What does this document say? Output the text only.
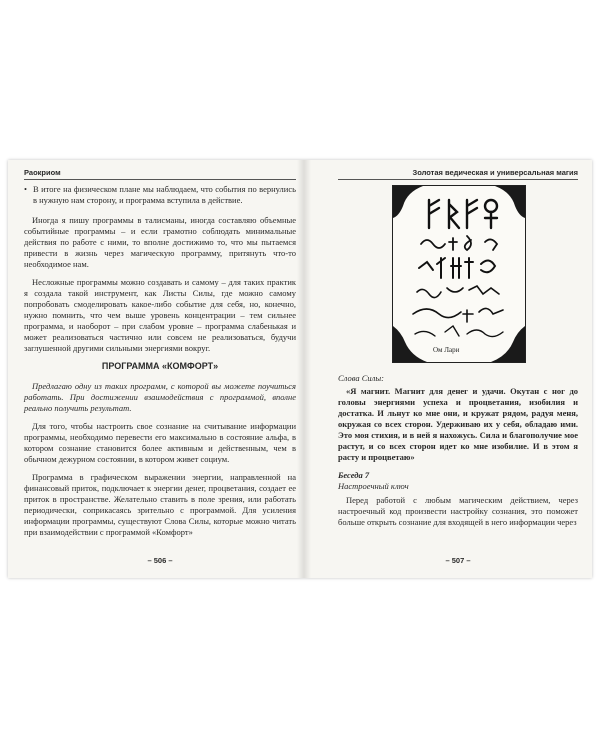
Раокриом
• В итоге на физическом плане мы наблюдаем, что события по вернулись в нужную нам сторону, и программа вступила в действие.

Иногда я пишу программы в талисманы, иногда составляю объемные событийные программы – и если грамотно соблюдать минимальные действия по работе с ними, то вполне достижимо то, что мы пытаемся привести в жизнь через магическую программу, притянуть что-то необходимое нам.

Несложные программы можно создавать и самому – для таких практик я создала такой инструмент, как Листы Силы, где можно самому попробовать смоделировать какое-либо событие для себя, но, конечно, нужно помнить, что чем выше уровень концентрации – тем сильнее программа, и наоборот – при слабом уровне – программа слабенькая и может реализоваться частично или совсем не реализоваться, будучи заглушенной другими сильными энергиями вокруг.

ПРОГРАММА «КОМФОРТ»

Предлагаю одну из таких программ, с которой вы можете поучиться работать. При достижении взаимодействия с программой, вполне реально получить результат.

Для того, чтобы настроить свое сознание на считывание информации программы, необходимо перевести его максимально в состояние альфа, в котором сознание становится более активным и действенным, чем в обычном дежурном состоянии, в котором живет социум.

Программа в графическом выражении энергии, направленной на финансовый приток, подключает к энергии денег, процветания, создает ее приток в пространстве. Желательно ставить в поле зрения, или работать периодически, соприкасаясь зрительно с программой. Для усиления информации программы, существуют Слова Силы, которые можно читать при взаимодействии с программой «Комфорт»

– 506 –
Золотая ведическая и универсальная магия
Ом Лари
Слова Силы:

«Я магнит. Магнит для денег и удачи. Окутан с ног до головы энергиями успеха и процветания, изобилия и достатка. И льнут ко мне они, и кружат рядом, радуя меня, окружая со всех сторон. Удерживаю их у себя, обладаю ими. Это моя стихия, и в ней я нахожусь. Сила и благополучие мое растут, и со всех сторон идет ко мне изобилие. И в этом я расту и процветаю»

Беседа 7
Настроечный ключ

Перед работой с любым магическим действием, через настроечный код произвести настройку сознания, это поможет больше открыть сознание для входящей в него информации через

– 507 –
